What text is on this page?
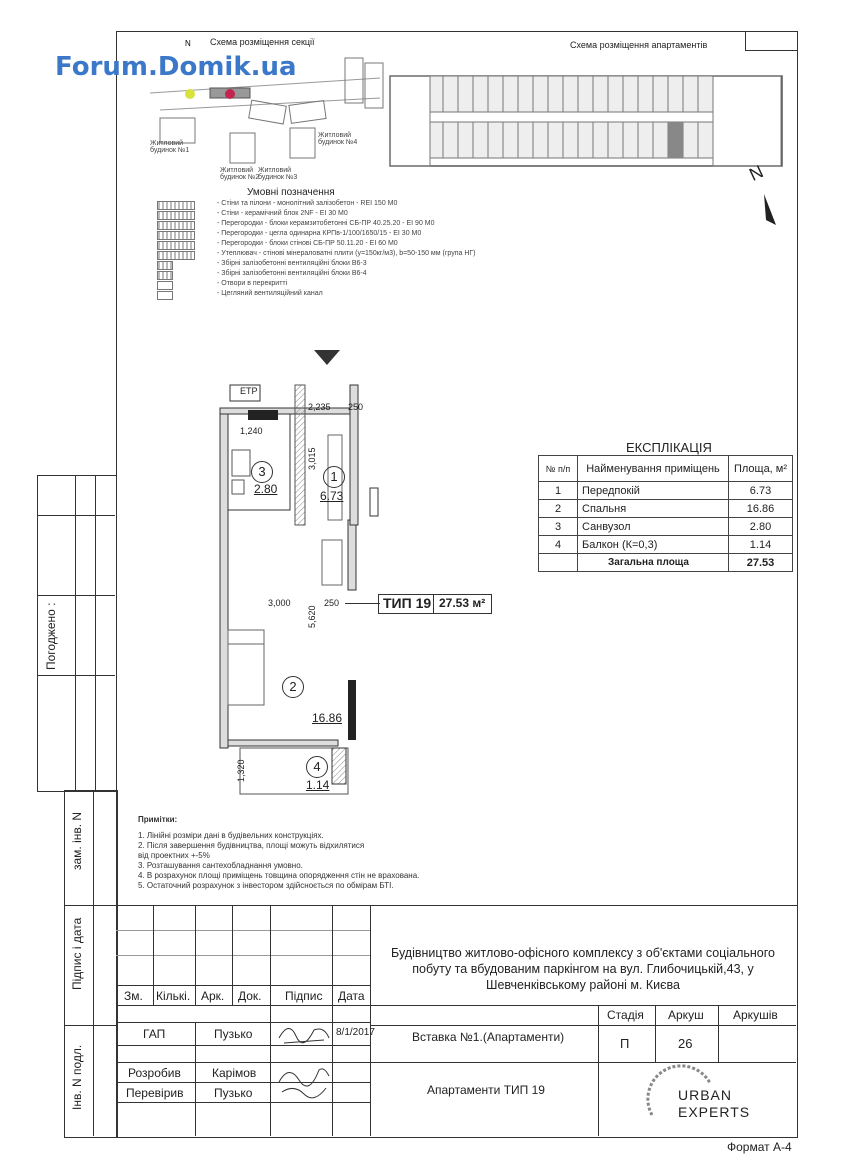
Forum.Domik.ua
Схема розміщення секції
N
Житловий будинок №1
Житловий будинок №2
Житловий будинок №3
Житловий будинок №4
Схема розміщення апартаментів
N
Умовні позначення
- Стіни та пілони - монолітний залізобетон - REI 150 M0
- Стіни - керамічний блок 2NF - EI 30 M0
- Перегородки - блоки керамзитобетонні СБ-ПР 40.25.20 - EI 90 M0
- Перегородки - цегла одинарна КРПв-1/100/1650/15 - EI 30 M0
- Перегородки - блоки стінові СБ-ПР 50.11.20 - EI 60 M0
- Утеплювач - стінові мінераловатні плити (y=150кг/м3), b=50-150 мм (група НГ)
- Збірні залізобетонні вентиляційні блоки В6-3
- Збірні залізобетонні вентиляційні блоки В6-4
- Отвори в перекритті
- Цегляний вентиляційний канал
ЕТР
2,235 250
1,240
3,015
3,000	250
5,620
1,320
1
6.73
2
16.86
3
2.80
4
1.14
ТИП 19 27.53 м²
ЕКСПЛІКАЦІЯ
№ п/п	Найменування приміщень	Площа, м²
1	Передпокій	6.73
2	Спальня	16.86
3	Санвузол	2.80
4	Балкон (К=0,3)	1.14
	Загальна площа	27.53
Примітки:
1. Лінійні розміри дані в будівельних конструкціях.
2. Після завершення будівництва, площі можуть відхилятися
від проектних +-5%
3. Розташування сантехобладнання умовно.
4. В розрахунок площі приміщень товщина опорядження стін не врахована.
5. Остаточний розрахунок з інвестором здійсноється по обмірам БТІ.
Погоджено :
зам. інв. N
Підпис і дата
Інв. N подл.
Зм. Кількі. Арк. Док. Підпис Дата
ГАП	Пузько	8/1/2017
Розробив	Карімов
Перевірив	Пузько
Будівництво житлово-офісного комплексу з об'єктами соціального побуту та вбудованим паркінгом на вул. Глибочицькій,43, у Шевченківському районі м. Києва
Вставка №1.(Апартаменти)
Стадія Аркуш Аркушів
П	26
Апартаменти ТИП 19	URBAN
EXPERTS
Формат А-4
